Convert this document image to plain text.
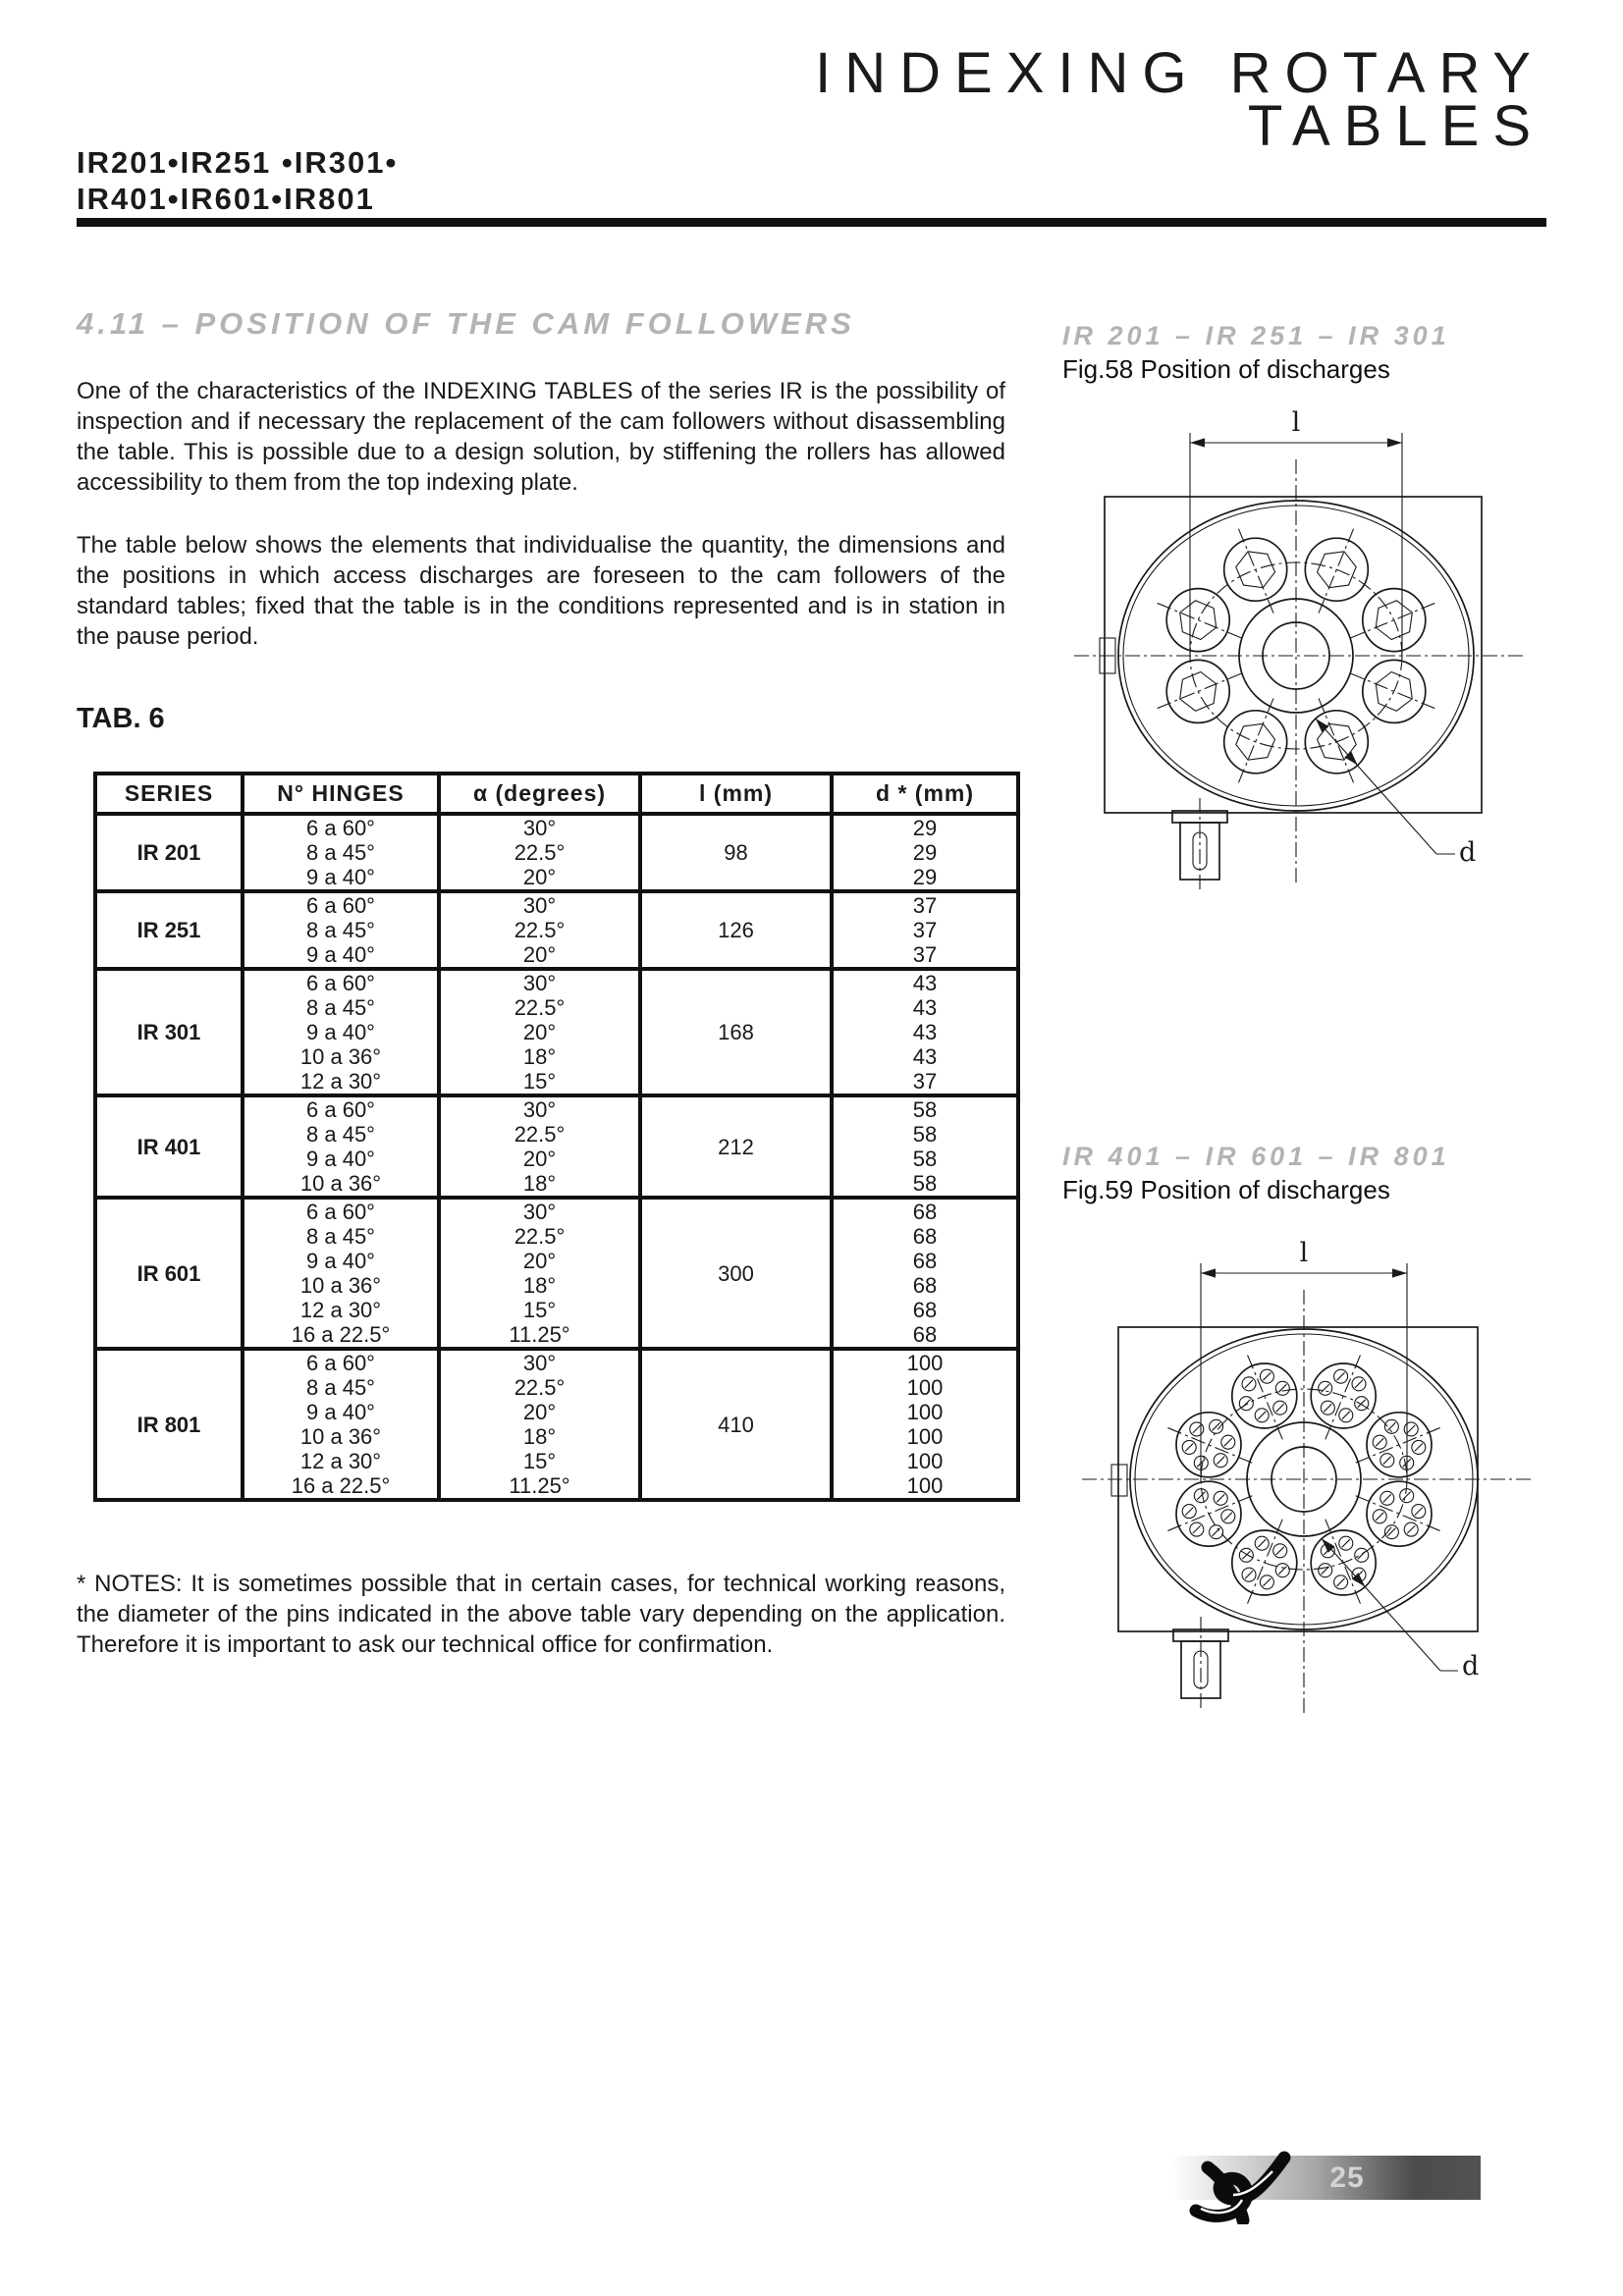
IR201•IR251 •IR301•
IR401•IR601•IR801
INDEXING ROTARY
TABLES
4.11 – POSITION OF THE CAM FOLLOWERS

One of the characteristics of the INDEXING TABLES of the series IR is the possibility of inspection and if necessary the replacement of the cam followers without disassembling the table. This is possible due to a design solution, by stiffening the rollers has allowed accessibility to them from the top indexing plate.

The table below shows the elements that individualise the quantity, the dimensions and the positions in which access discharges are foreseen to the cam followers of the standard tables; fixed that the table is in the conditions represented and is in station in the pause period.

TAB. 6
SERIES	N° HINGES	α (degrees)	l (mm)	d * (mm)
IR 201	6 a 60°	30°	98	29
	8 a 45°	22.5°		29
	9 a 40°	20°		29
IR 251	6 a 60°	30°	126	37
	8 a 45°	22.5°		37
	9 a 40°	20°		37
IR 301	6 a 60°	30°	168	43
	8 a 45°	22.5°		43
	9 a 40°	20°		43
	10 a 36°	18°		43
	12 a 30°	15°		37
IR 401	6 a 60°	30°	212	58
	8 a 45°	22.5°		58
	9 a 40°	20°		58
	10 a 36°	18°		58
IR 601	6 a 60°	30°	300	68
	8 a 45°	22.5°		68
	9 a 40°	20°		68
	10 a 36°	18°		68
	12 a 30°	15°		68
	16 a 22.5°	11.25°		68
IR 801	6 a 60°	30°	410	100
	8 a 45°	22.5°		100
	9 a 40°	20°		100
	10 a 36°	18°		100
	12 a 30°	15°		100
	16 a 22.5°	11.25°		100

* NOTES: It is sometimes possible that in certain cases, for technical working reasons, the diameter of the pins indicated in the above table vary depending on the application. Therefore it is important to ask our technical office for confirmation.

IR 201 – IR 251 – IR 301
Fig.58 Position of discharges
l
d
IR 401 – IR 601 – IR 801
Fig.59 Position of discharges
l
d
25
